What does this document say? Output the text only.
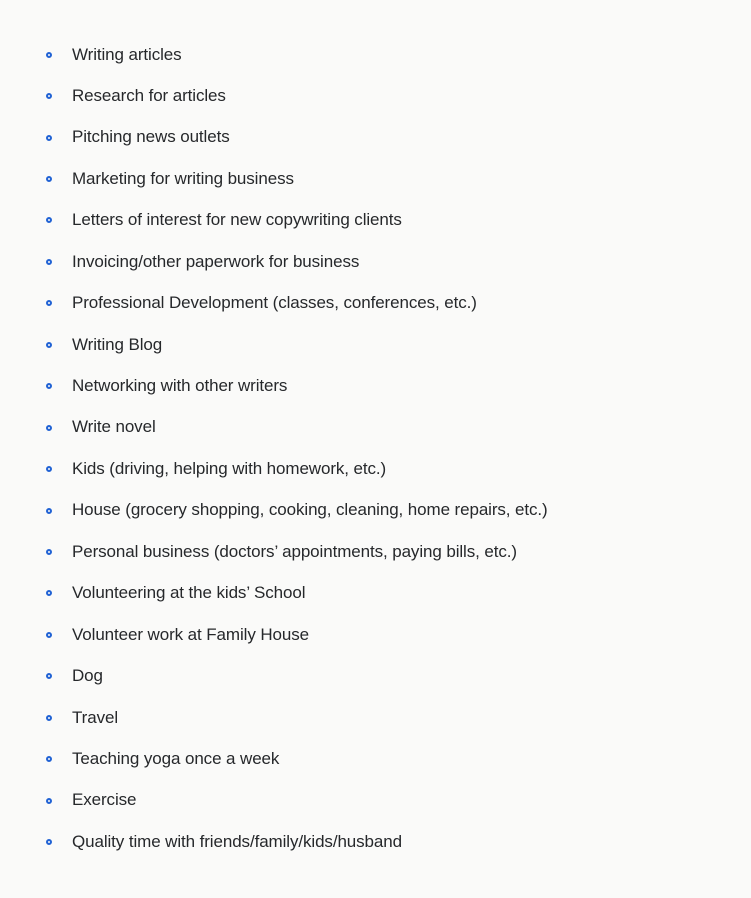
Writing articles
Research for articles
Pitching news outlets
Marketing for writing business
Letters of interest for new copywriting clients
Invoicing/other paperwork for business
Professional Development (classes, conferences, etc.)
Writing Blog
Networking with other writers
Write novel
Kids (driving, helping with homework, etc.)
House (grocery shopping, cooking, cleaning, home repairs, etc.)
Personal business (doctors’ appointments, paying bills, etc.)
Volunteering at the kids’ School
Volunteer work at Family House
Dog
Travel
Teaching yoga once a week
Exercise
Quality time with friends/family/kids/husband
